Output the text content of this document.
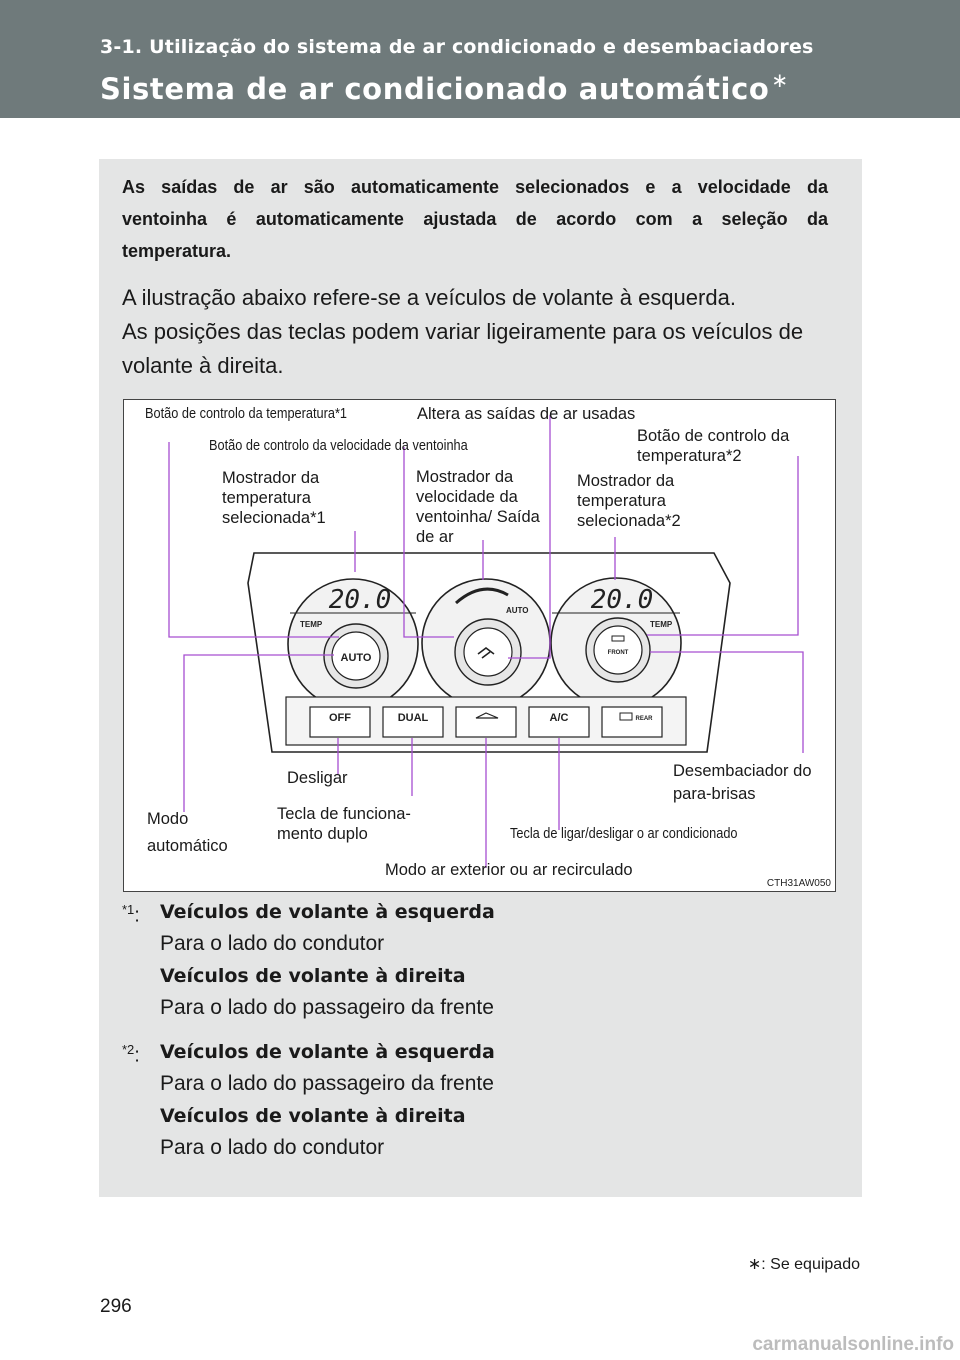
3-1. Utilização do sistema de ar condicionado e desembaciadores
Sistema de ar condicionado automático ∗
As saídas de ar são automaticamente selecionados e a velocidade da ventoinha é automaticamente ajustada de acordo com a seleção da temperatura.
A ilustração abaixo refere-se a veículos de volante à esquerda.
As posições das teclas podem variar ligeiramente para os veículos de volante à direita.
20.0
TEMP
AUTO
AUTO 20.0
TEMP
FRONT
OFF	DUAL	A/C	REAR
Botão de controlo da temperatura*1	Altera as saídas de ar usadas
Botão de controlo da velocidade da ventoinha
Botão de controlo da temperatura*2
Mostrador da temperatura selecionada*1
Mostrador da velocidade da ventoinha/ Saída de ar
Mostrador da temperatura selecionada*2
Desligar	Desembaciador do para-brisas
Modo automático
Tecla de funciona- mento duplo	Tecla de ligar/desligar o ar condicionado
Modo ar exterior ou ar recirculado
CTH31AW050
$^{*1}$: Veículos de volante à esquerda
Para o lado do condutor
Veículos de volante à direita
Para o lado do passageiro da frente
$^{*2}$: Veículos de volante à esquerda
Para o lado do passageiro da frente
Veículos de volante à direita
Para o lado do condutor
∗: Se equipado
296
carmanualsonline.info
